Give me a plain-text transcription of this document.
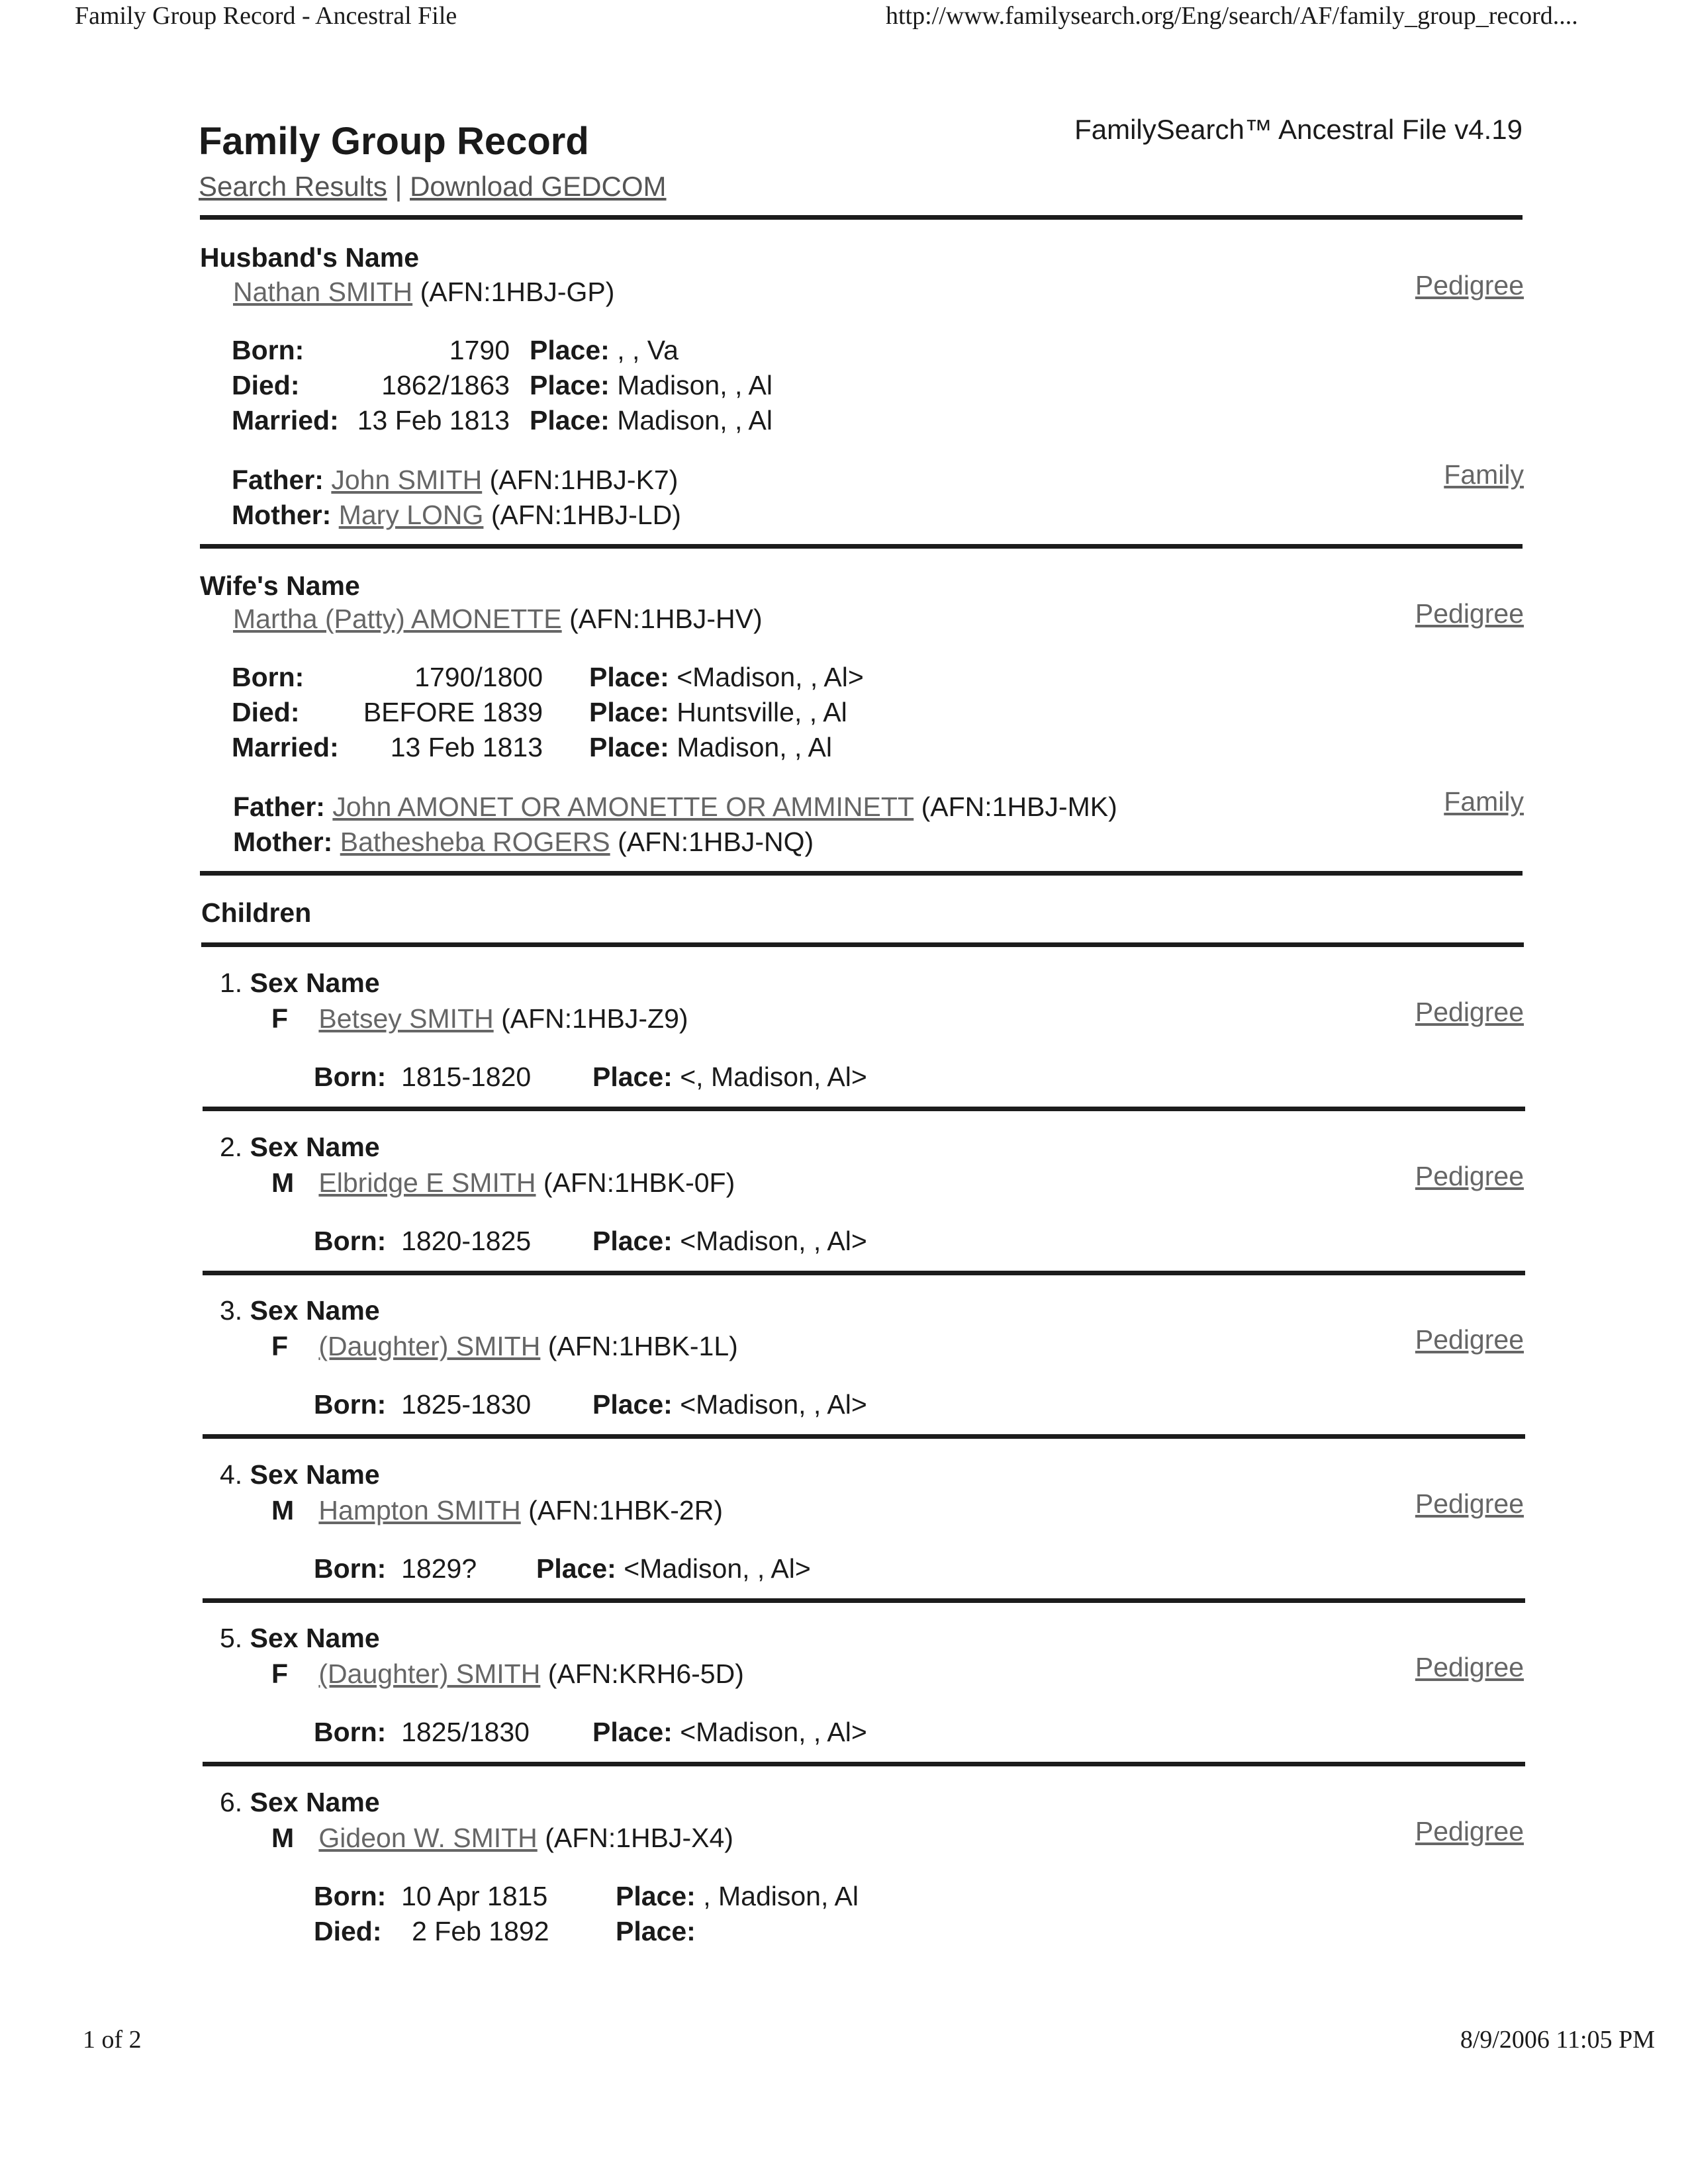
Family Group Record - Ancestral File	http://www.familysearch.org/Eng/search/AF/family_group_record....
Family Group Record	FamilySearch™ Ancestral File v4.19
Search Results | Download GEDCOM
Husband's Name
Nathan SMITH (AFN:1HBJ-GP)	Pedigree
Born:	1790 Place: , , Va
Died:	1862/1863 Place: Madison, , Al
Married: 13 Feb 1813 Place: Madison, , Al
Father: John SMITH (AFN:1HBJ-K7)
Mother: Mary LONG (AFN:1HBJ-LD)
Family
Wife's Name
Martha (Patty) AMONETTE (AFN:1HBJ-HV)	Pedigree
Born:	1790/1800 Place: <Madison, , Al>
Died:	BEFORE 1839 Place: Huntsville, , Al
Married:	13 Feb 1813 Place: Madison, , Al
Father: John AMONET OR AMONETTE OR AMMINETT (AFN:1HBJ-MK)
Mother: Bathesheba ROGERS (AFN:1HBJ-NQ)
Family
Children
1. Sex Name
F Betsey SMITH (AFN:1HBJ-Z9)	Pedigree
Born: 1815-1820 Place: <, Madison, Al>
2. Sex Name
M Elbridge E SMITH (AFN:1HBK-0F)	Pedigree
Born: 1820-1825 Place: <Madison, , Al>
3. Sex Name
F (Daughter) SMITH (AFN:1HBK-1L)	Pedigree
Born: 1825-1830 Place: <Madison, , Al>
4. Sex Name
M Hampton SMITH (AFN:1HBK-2R)	Pedigree
Born: 1829? Place: <Madison, , Al>
5. Sex Name
F (Daughter) SMITH (AFN:KRH6-5D)	Pedigree
Born: 1825/1830 Place: <Madison, , Al>
6. Sex Name
M Gideon W. SMITH (AFN:1HBJ-X4)	Pedigree
Born: 10 Apr 1815	Place: , Madison, Al
Died: 2 Feb 1892 Place:
1 of 2	8/9/2006 11:05 PM
